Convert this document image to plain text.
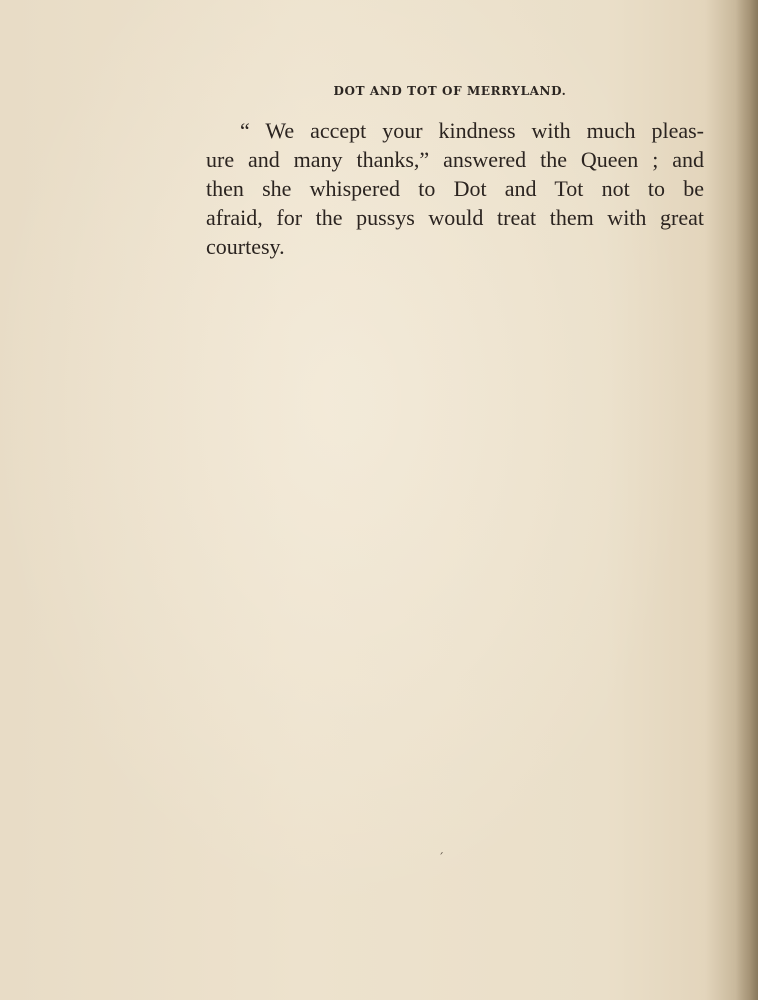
DOT AND TOT OF MERRYLAND.

“ We accept your kindness with much pleas-
ure and many thanks,” answered the Queen ; and
then she whispered to Dot and Tot not to be
afraid, for the pussys would treat them with great
courtesy.

´
